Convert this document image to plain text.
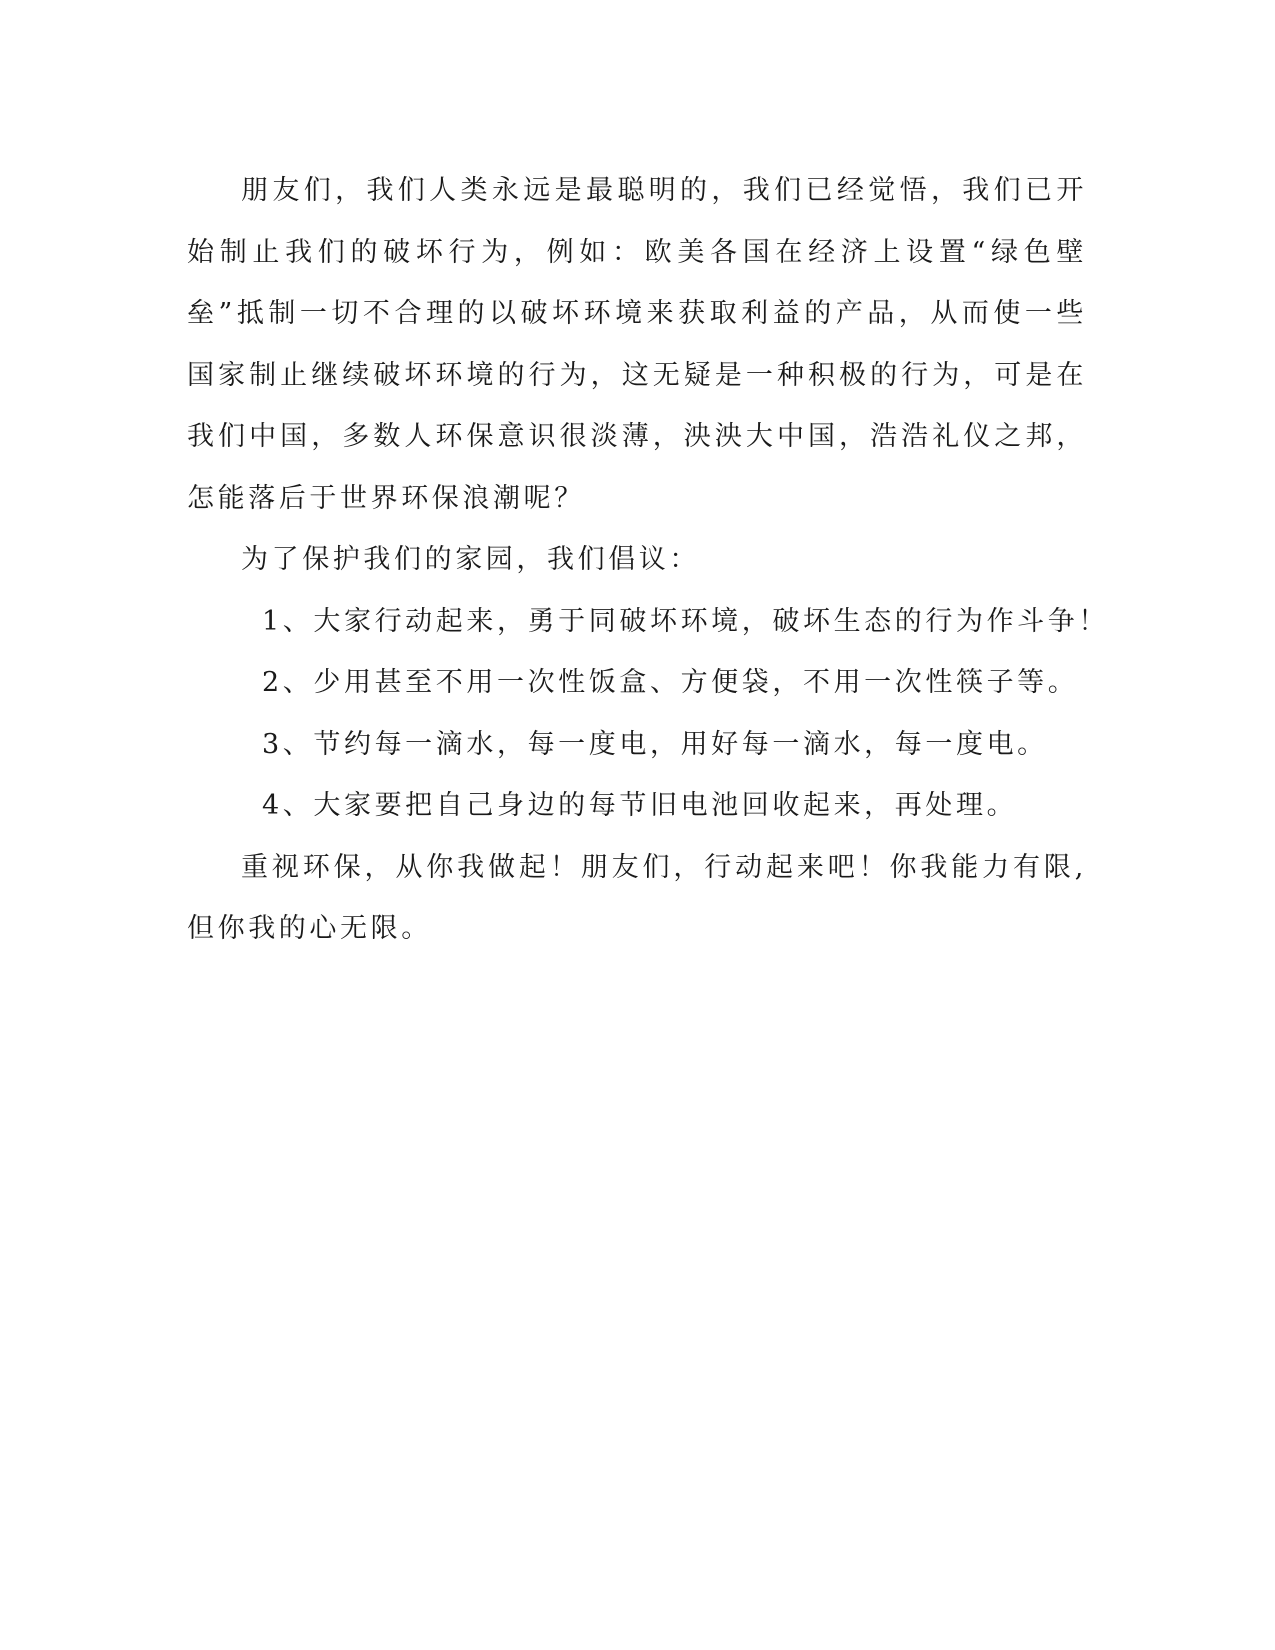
朋友们，我们人类永远是最聪明的，我们已经觉悟，我们已开始制止我们的破坏行为，例如：欧美各国在经济上设置“绿色壁垒”抵制一切不合理的以破坏环境来获取利益的产品，从而使一些国家制止继续破坏环境的行为，这无疑是一种积极的行为，可是在我们中国，多数人环保意识很淡薄，泱泱大中国，浩浩礼仪之邦，怎能落后于世界环保浪潮呢？

为了保护我们的家园，我们倡议：

1、大家行动起来，勇于同破坏环境，破坏生态的行为作斗争！

2、少用甚至不用一次性饭盒、方便袋，不用一次性筷子等。

3、节约每一滴水，每一度电，用好每一滴水，每一度电。

4、大家要把自己身边的每节旧电池回收起来，再处理。

重视环保，从你我做起！朋友们，行动起来吧！你我能力有限,但你我的心无限。
